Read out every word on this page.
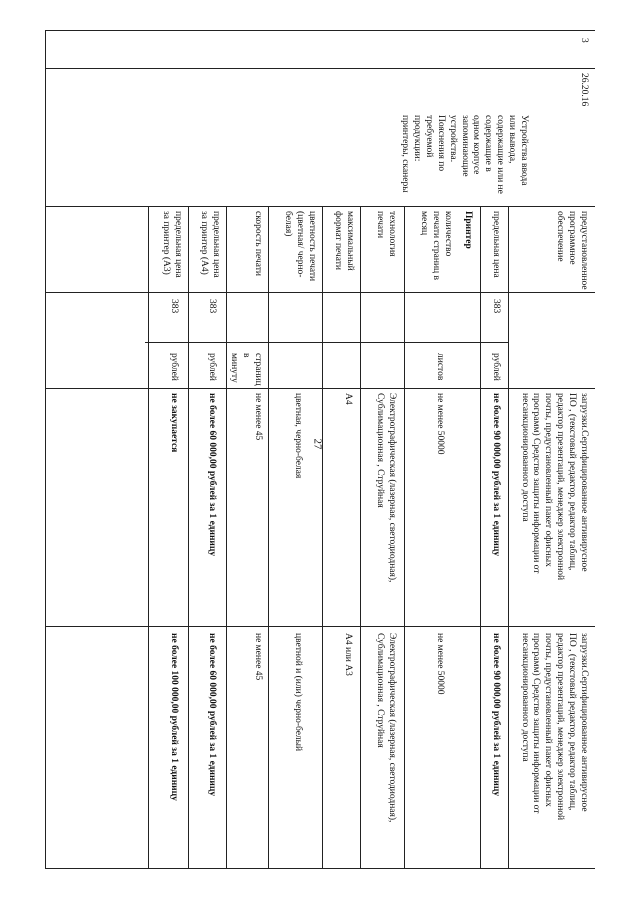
27
3
26.20.16
Устройства ввода или вывода, содержащие или не содержащие в одном корпусе запоминающие устройства. Пояснения по требуемой продукции: принтеры, сканеры
предустановленное программное обеспечение
загрузки.Сертифицированное антивирусное ПО , (текстовый редактор, редактор таблиц, редактор презентаций, менеджер электронной почты, предустановленный пакет офисных программ) Средство защиты информации от несанкционированного доступа
загрузки.Сертифицированное антивирусное ПО , (текстовый редактор, редактор таблиц, редактор презентаций, менеджер электронной почты, предустановленный пакет офисных программ) Средство защиты информации от несанкционированного доступа
предельная цена
383
рублей
не более 90 000,00 рублей за 1 единицу
не более 90 000,00 рублей за 1 единицу
Принтер
количество печати страниц в месяц
листов
не менее 50000
не менее 50000
технология печати
Электрографическая (лазерная, светодиодная), Сублимационная , Струйная
Электрографическая (лазерная, светодиодная), Сублимационная , Струйная
максимальный формат печати
А4
А4 или А3
цветность печати (цветная/ черно-белая)
цветная, черно-белая
цветной и (или) черно-белый
скорость печати
страниц в минуту
не менее 45
не менее 45
предельная цена за принтер (А4)
383
рублей
не более 60 000,00 рублей за 1 единицу
не более 60 000,00 рублей за 1 единицу
предельная цена за принтер (А3)
383
рублей
не закупается
не более 100 000,00 рублей за 1 единицу
